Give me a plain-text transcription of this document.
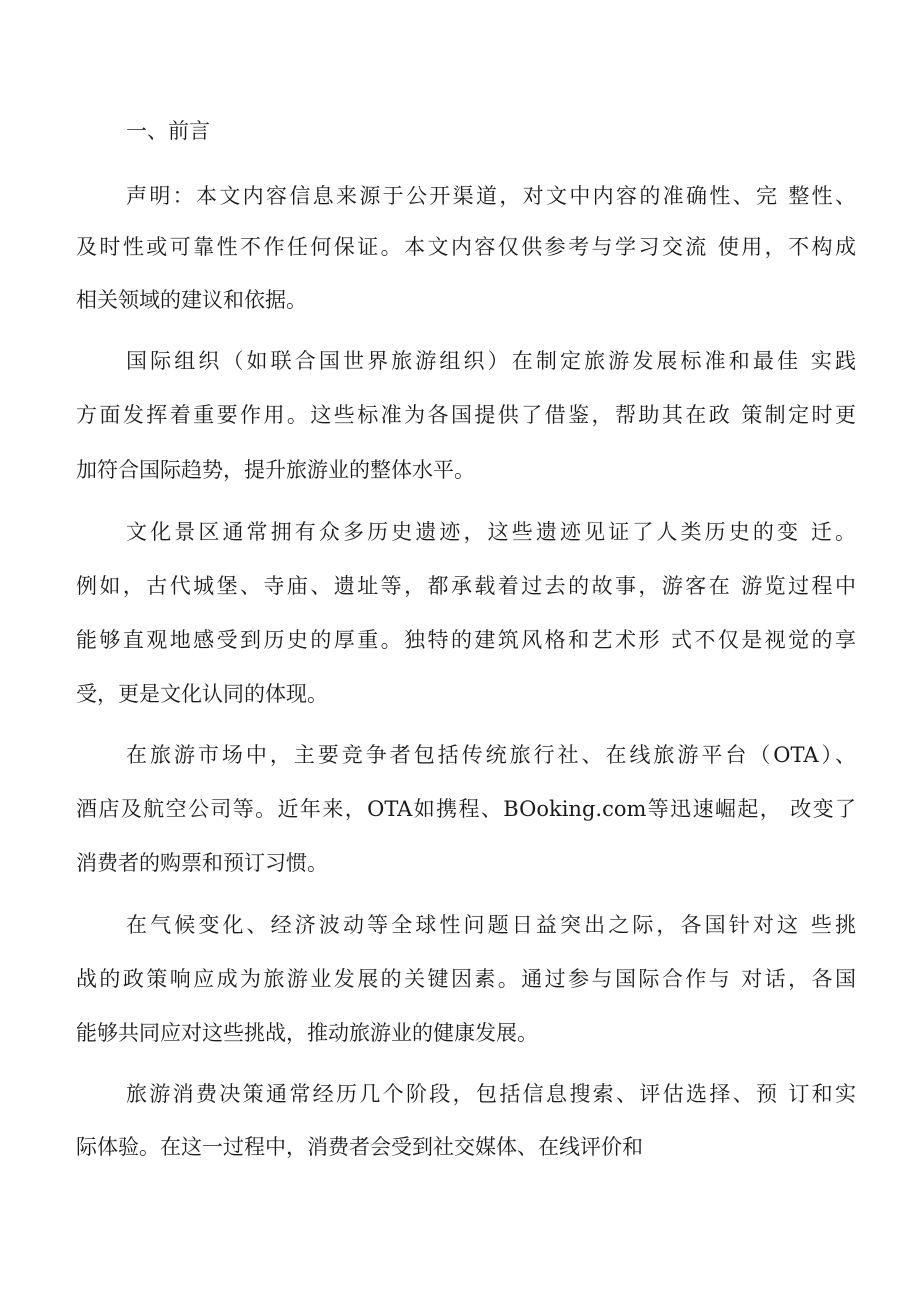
一、前言
声明：本文内容信息来源于公开渠道，对文中内容的准确性、完 整性、
及时性或可靠性不作任何保证。本文内容仅供参考与学习交流 使用，不构成
相关领域的建议和依据。
国际组织（如联合国世界旅游组织）在制定旅游发展标准和最佳 实践
方面发挥着重要作用。这些标准为各国提供了借鉴，帮助其在政 策制定时更
加符合国际趋势，提升旅游业的整体水平。
文化景区通常拥有众多历史遗迹，这些遗迹见证了人类历史的变 迁。
例如，古代城堡、寺庙、遗址等，都承载着过去的故事，游客在 游览过程中
能够直观地感受到历史的厚重。独特的建筑风格和艺术形 式不仅是视觉的享
受，更是文化认同的体现。
在旅游市场中，主要竞争者包括传统旅行社、在线旅游平台（OTA）、
酒店及航空公司等。近年来，OTA如携程、BOoking.com等迅速崛起， 改变了
消费者的购票和预订习惯。
在气候变化、经济波动等全球性问题日益突出之际，各国针对这 些挑
战的政策响应成为旅游业发展的关键因素。通过参与国际合作与 对话，各国
能够共同应对这些挑战，推动旅游业的健康发展。
旅游消费决策通常经历几个阶段，包括信息搜索、评估选择、预 订和实
际体验。在这一过程中，消费者会受到社交媒体、在线评价和
